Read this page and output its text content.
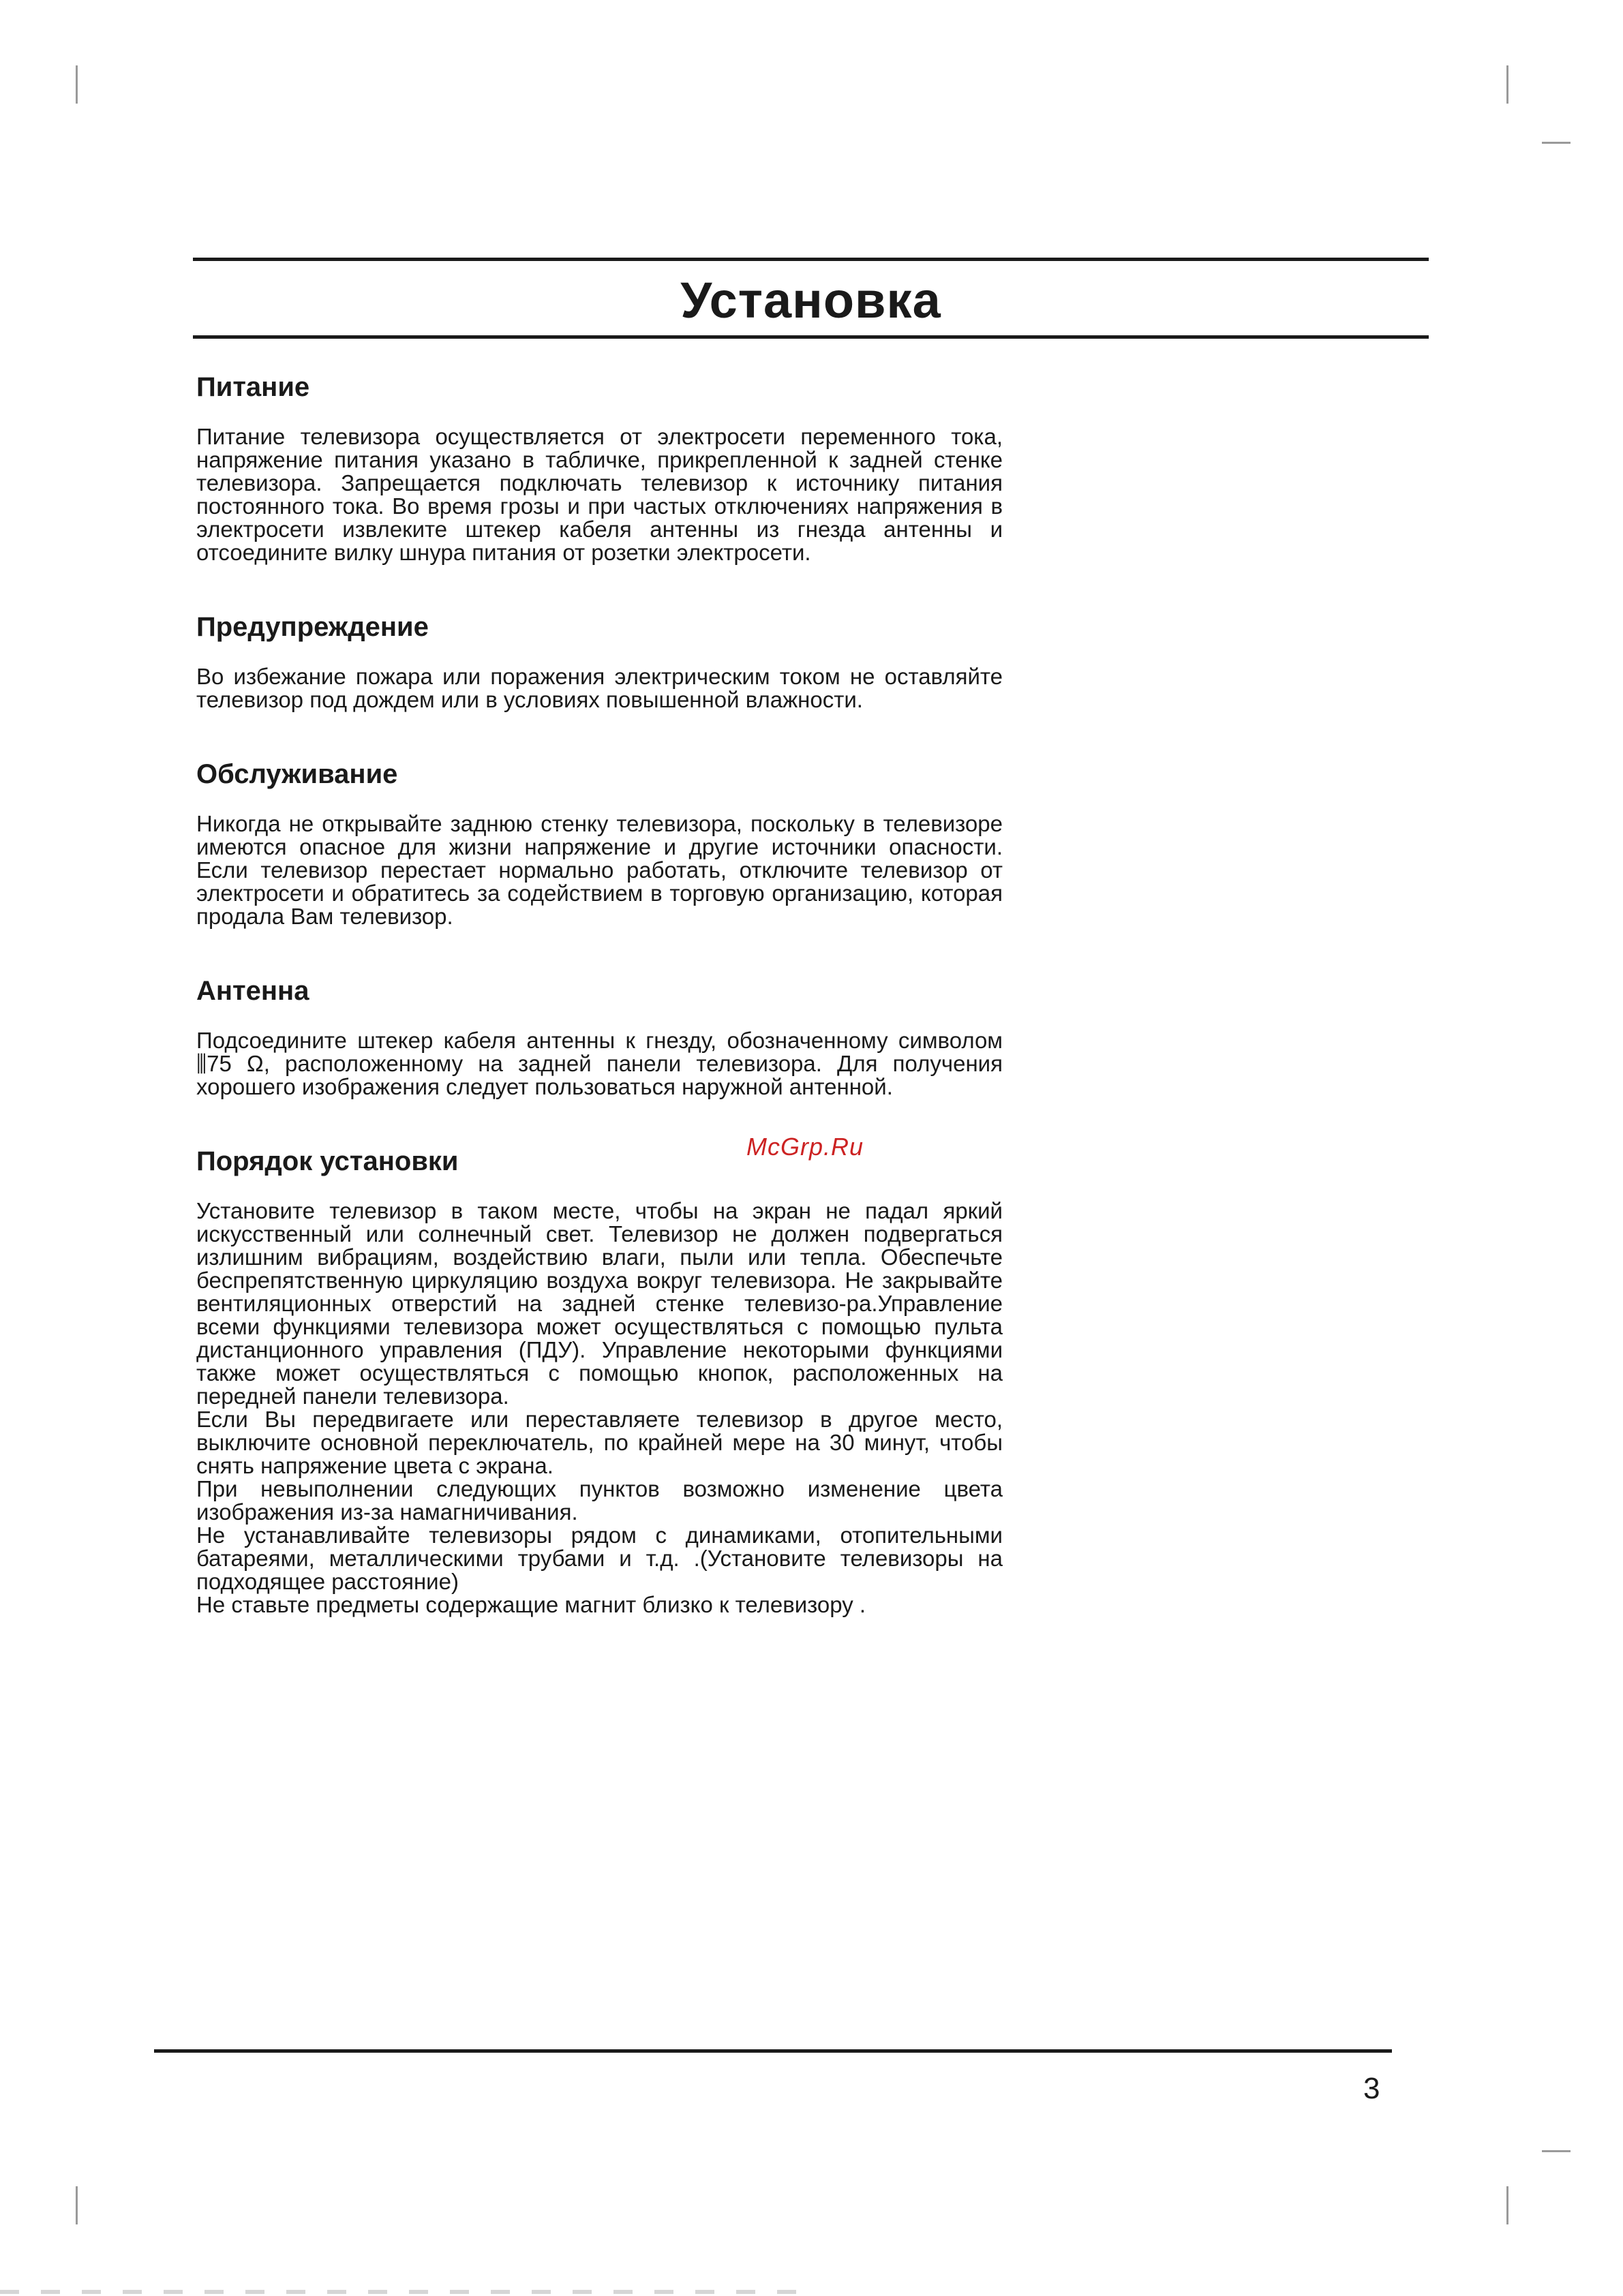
Установка
Питание

Питание телевизора осуществляется от электросети переменного тока, напряжение питания указано в табличке, прикрепленной к задней стенке телевизора. Запрещается подключать телевизор к источнику питания постоянного тока. Во время грозы и при частых отключениях напряжения в электросети извлеките штекер кабеля антенны из гнезда антенны и отсоедините вилку шнура питания от розетки электросети.

Предупреждение

Во избежание пожара или поражения электрическим током не оставляйте телевизор под дождем или в условиях повышенной влажности.

Обслуживание

Никогда не открывайте заднюю стенку телевизора, поскольку в телевизоре имеются опасное для жизни напряжение и другие источники опасности. Если телевизор перестает нормально работать, отключите телевизор от электросети и обратитесь за содействием в торговую организацию, которая продала Вам телевизор.

Антенна

Подсоедините штекер кабеля антенны к гнезду, обозначенному символом ⫼75 Ω, расположенному на задней панели телевизора. Для получения хорошего изображения следует пользоваться наружной антенной.

Порядок установки

Установите телевизор в таком месте, чтобы на экран не падал яркий искусственный или солнечный свет. Телевизор не должен подвергаться излишним вибрациям, воздействию влаги, пыли или тепла. Обеспечьте беспрепятственную циркуляцию воздуха вокруг телевизора. Не закрывайте вентиляционных отверстий на задней стенке телевизо-ра.Управление всеми функциями телевизора может осуществляться с помощью пульта дистанционного управления (ПДУ). Управление некоторыми функциями также может осуществляться с помощью кнопок, расположенных на передней панели телевизора.

Если Вы передвигаете или переставляете телевизор в другое место, выключите основной переключатель, по крайней мере на 30 минут, чтобы снять напряжение цвета с экрана.

При невыполнении следующих пунктов возможно изменение цвета изображения из-за намагничивания.

Не устанавливайте телевизоры рядом с динамиками, отопительными батареями, металлическими трубами и т.д. .(Установите телевизоры на подходящее расстояние)

Не ставьте предметы содержащие магнит близко к телевизору .

McGrp.Ru
3
